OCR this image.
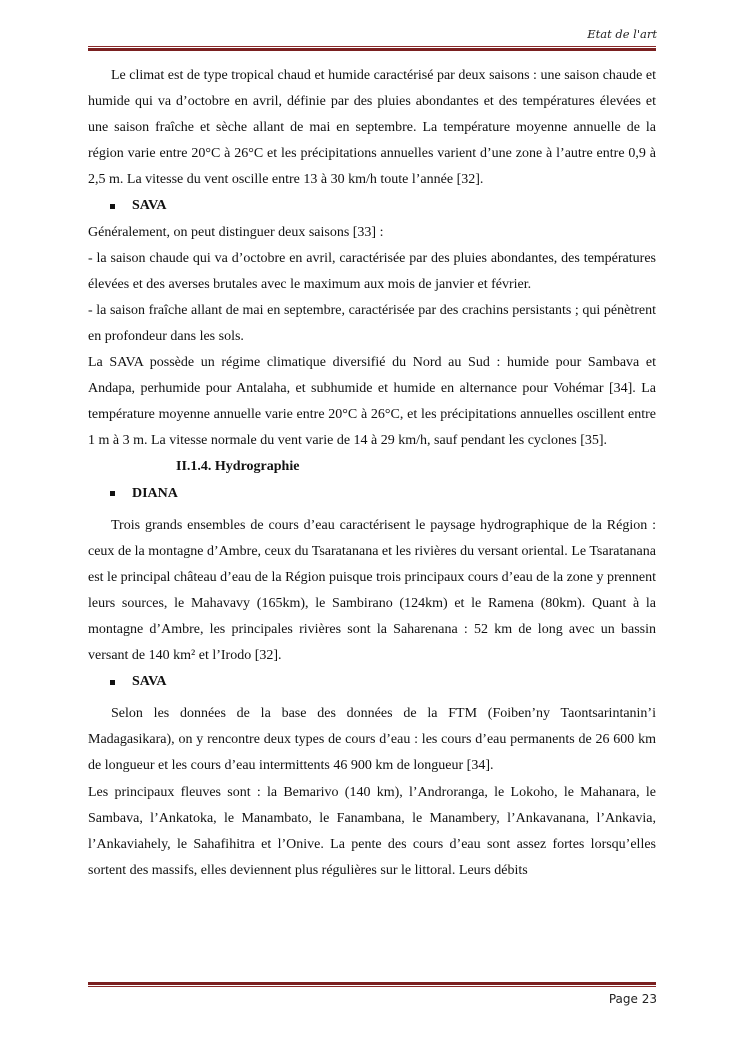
Etat de l'art

Le climat est de type tropical chaud et humide caractérisé par deux saisons : une saison chaude et humide qui va d’octobre en avril, définie par des pluies abondantes et des températures élevées et une saison fraîche et sèche allant de mai en septembre. La température moyenne annuelle de la région varie entre 20°C à 26°C et les précipitations annuelles varient d’une zone à l’autre entre 0,9 à 2,5 m. La vitesse du vent oscille entre 13 à 30 km/h toute l’année [32].

SAVA

Généralement, on peut distinguer deux saisons [33] :

- la saison chaude qui va d’octobre en avril, caractérisée par des pluies abondantes, des températures élevées et des averses brutales avec le maximum aux mois de janvier et février.

- la saison fraîche allant de mai en septembre, caractérisée par des crachins persistants ; qui pénètrent en profondeur dans les sols.

La SAVA possède un régime climatique diversifié du Nord au Sud : humide pour Sambava et Andapa, perhumide pour Antalaha, et subhumide et humide en alternance pour Vohémar [34]. La température moyenne annuelle varie entre 20°C à 26°C, et les précipitations annuelles oscillent entre 1 m à 3 m. La vitesse normale du vent varie de 14 à 29 km/h, sauf pendant les cyclones [35].

II.1.4. Hydrographie

DIANA

Trois grands ensembles de cours d’eau caractérisent le paysage hydrographique de la Région : ceux de la montagne d’Ambre, ceux du Tsaratanana et les rivières du versant oriental. Le Tsaratanana est le principal château d’eau de la Région puisque trois principaux cours d’eau de la zone y prennent leurs sources, le Mahavavy (165km), le Sambirano (124km) et le Ramena (80km). Quant à la montagne d’Ambre, les principales rivières sont la Saharenana : 52 km de long avec un bassin versant de 140 km² et l’Irodo [32].

SAVA

Selon les données de la base des données de la FTM (Foiben’ny Taontsarintanin’i Madagasikara), on y rencontre deux types de cours d’eau : les cours d’eau permanents de 26 600 km de longueur et les cours d’eau intermittents 46 900 km de longueur [34].

Les principaux fleuves sont : la Bemarivo (140 km), l’Androranga, le Lokoho, le Mahanara, le Sambava, l’Ankatoka, le Manambato, le Fanambana, le Manambery, l’Ankavanana, l’Ankavia, l’Ankaviahely, le Sahafihitra et l’Onive. La pente des cours d’eau sont assez fortes lorsqu’elles sortent des massifs, elles deviennent plus régulières sur le littoral. Leurs débits

Page 23
